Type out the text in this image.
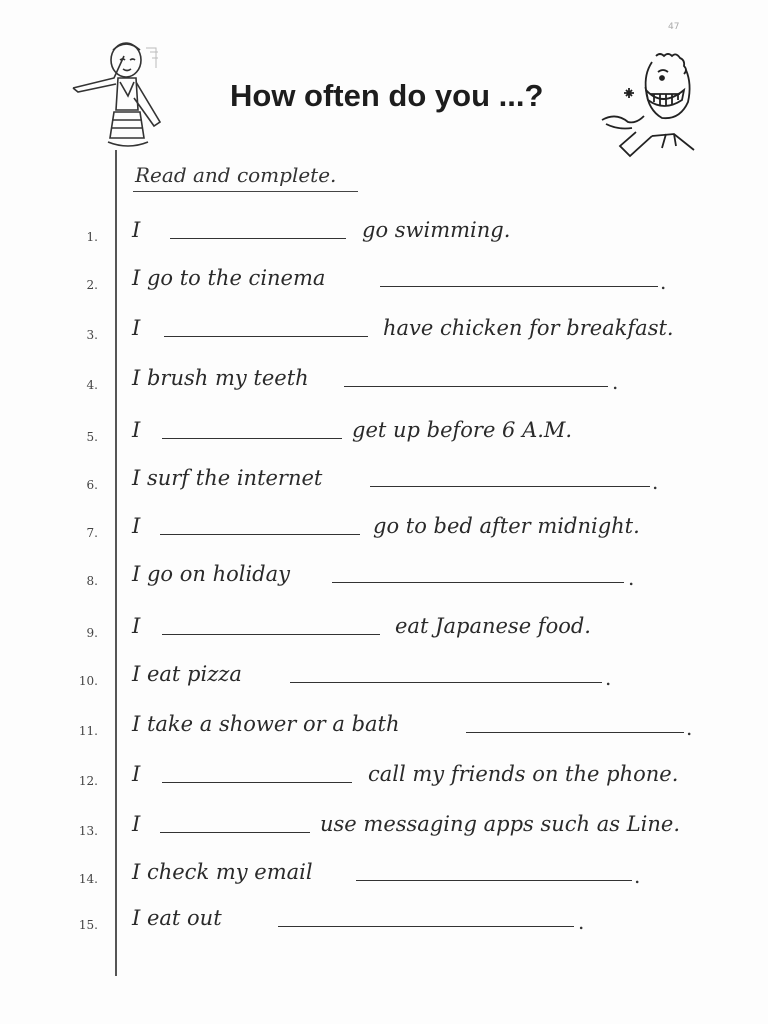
47
How often do you ...?
Read and complete.
1. I	go swimming.
2. I go to the cinema	.
3. I	have chicken for breakfast.
4. I brush my teeth	.
5. I	get up before 6 A.M.
6. I surf the internet	.
7. I	go to bed after midnight.
8. I go on holiday	.
9. I	eat Japanese food.
10. I eat pizza	.
11. I take a shower or a bath	.
12. I	call my friends on the phone.
13. I	use messaging apps such as Line.
14. I check my email	.
15. I eat out	.
